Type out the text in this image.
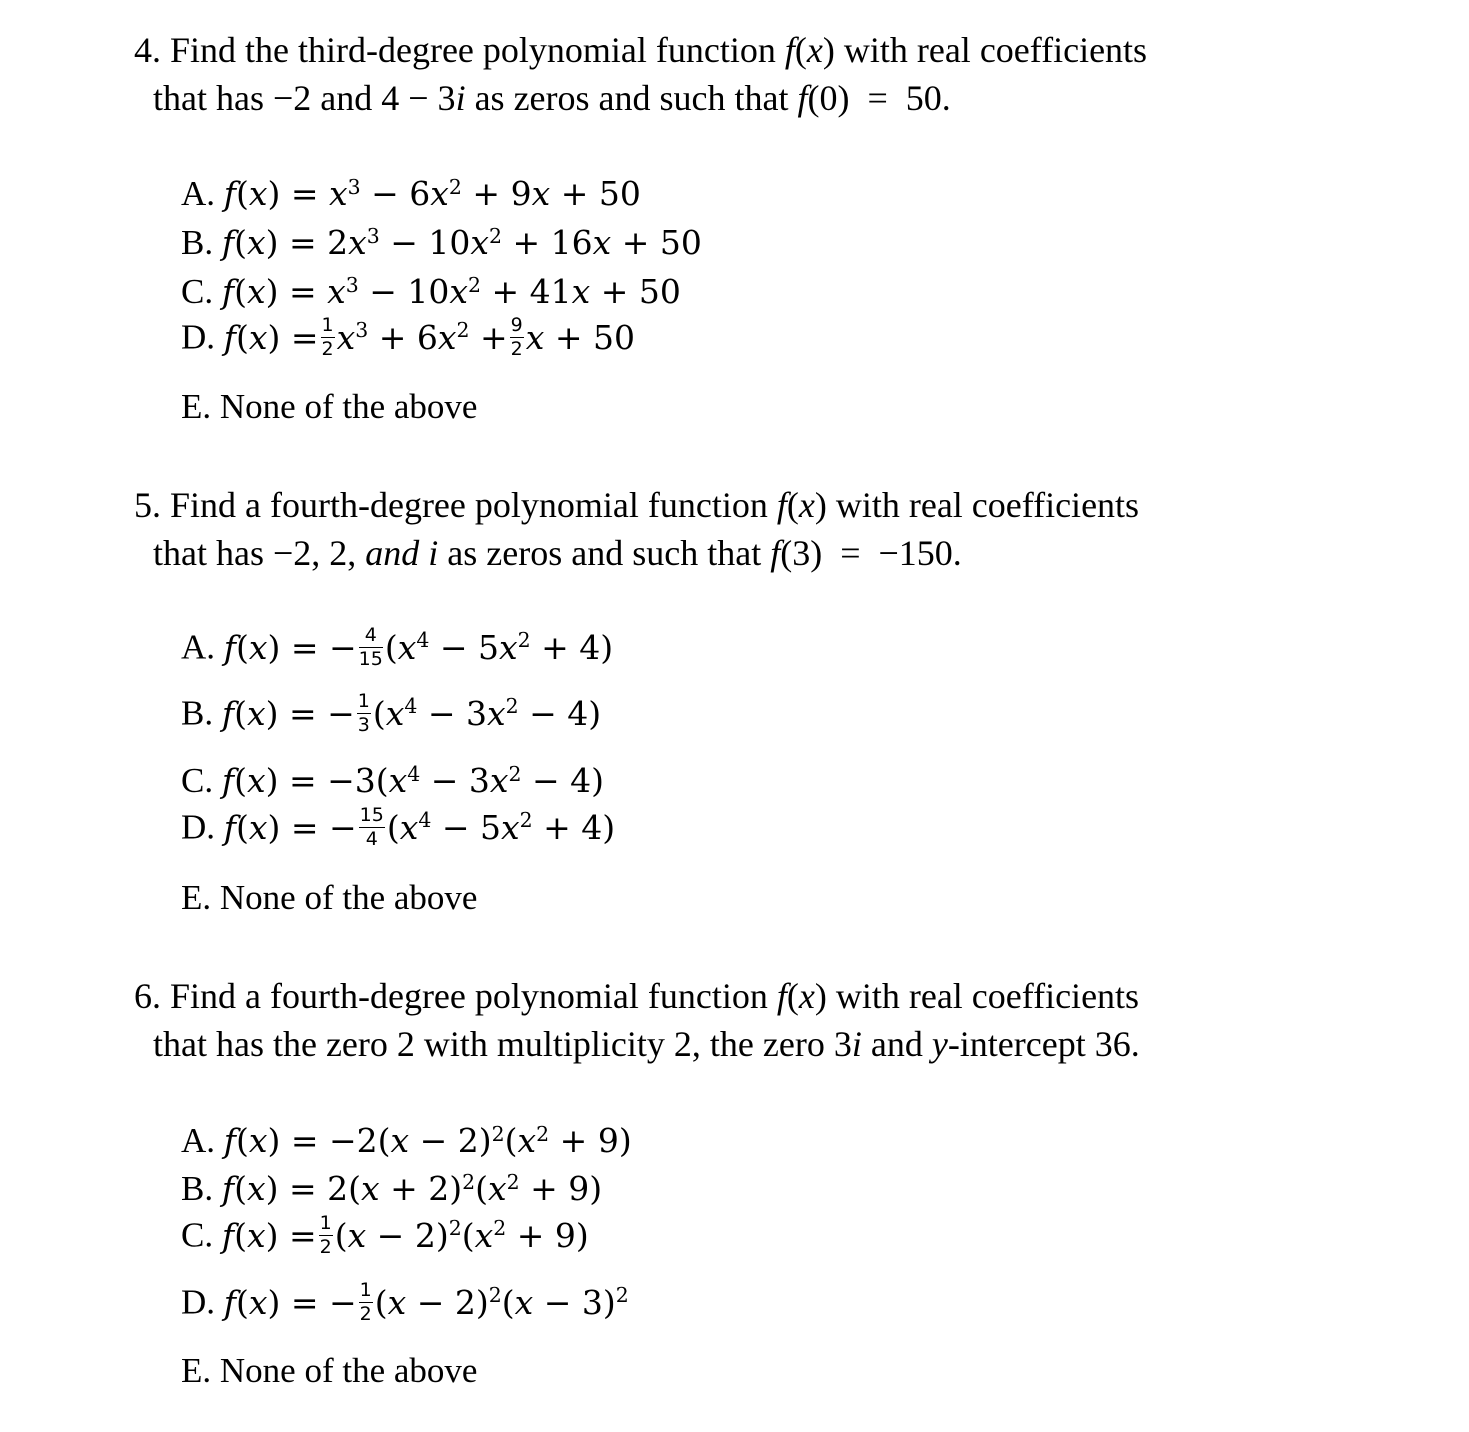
4. Find the third-degree polynomial function f(x) with real coefficients
that has −2 and 4 − 3i as zeros and such that f(0)  =  50.
A. $f(x) = x^3 - 6x^2 + 9x + 50$
B. $f(x) = 2x^3 - 10x^2 + 16x + 50$
C. $f(x) = x^3 - 10x^2 + 41x + 50$
D. $f(x) = \frac{1}{2} x^3 + 6x^2 + \frac{9}{2}$ x + 50
E. None of the above
5. Find a fourth-degree polynomial function f(x) with real coefficients
that has −2, 2, and i as zeros and such that f(3)  =  −150.
A. f(x) = − $\frac{4}{15} (x^4 - 5x^2 + 4)$
B. f(x) = − $\frac{1}{3} (x^4 - 3x^2 - 4)$
C. $f(x) = -3(x^4 - 3x^2 - 4)$
D. f(x) = − $\frac{15}{4} (x^4 - 5x^2 + 4)$
E. None of the above
6. Find a fourth-degree polynomial function f(x) with real coefficients
that has the zero 2 with multiplicity 2, the zero 3i and y-intercept 36.
A. $f(x) = -2(x - 2)^2(x^2 + 9)$
B. $f(x) = 2(x + 2)^2(x^2 + 9)$
C. $f(x) = \frac{1}{2} (x - 2)^2(x^2 + 9)$
D. f(x) = − $\frac{1}{2} (x - 2)^2(x - 3)^2$
E. None of the above
